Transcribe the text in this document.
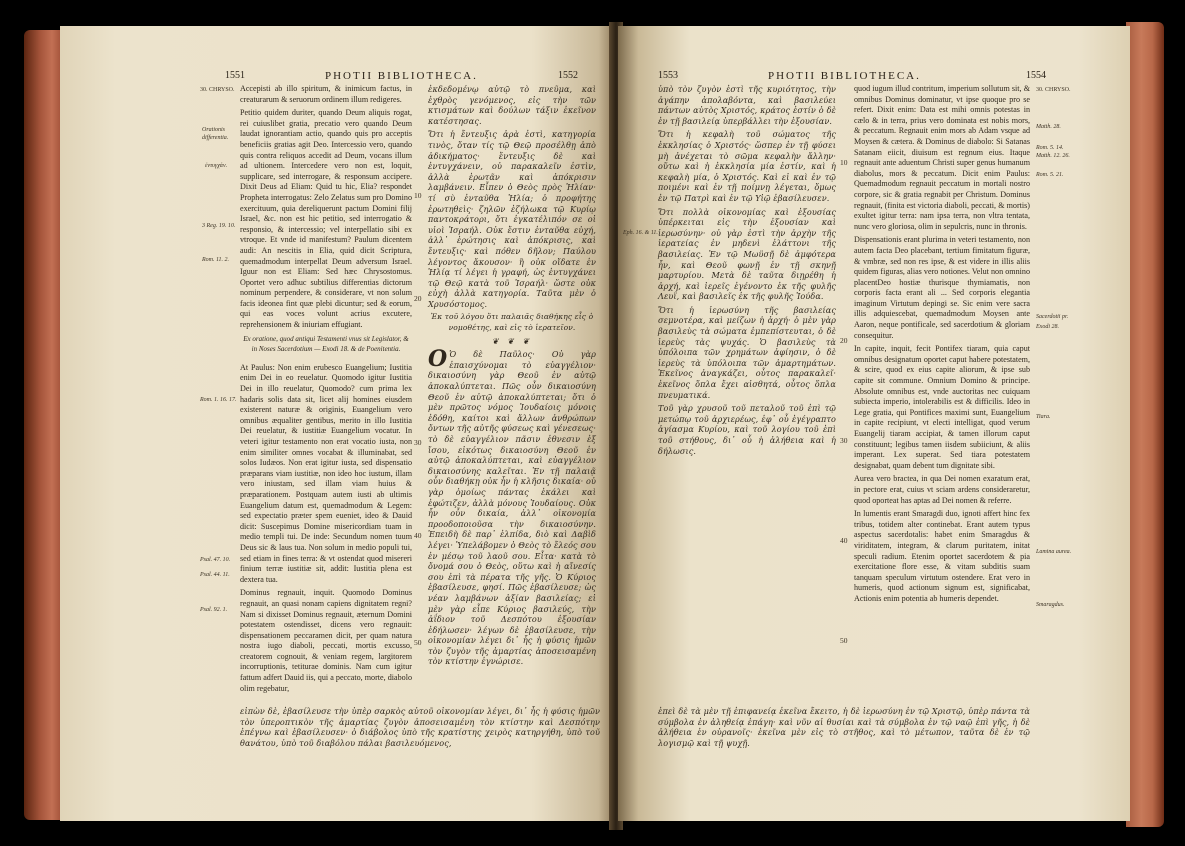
1551	PHOTII BIBLIOTHECA.	1552
30. CHRYSO.
Orationis differentia.
ἐντυγχάν.
3 Reg. 19. 10.
Rom. 11. 2.
Rom. 1. 16. 17.
Psal. 47. 10.
Psal. 44. 11.
Psal. 92. 1.

Accepisti ab illo spiritum, & inimicum factus, in creaturarum & seruorum ordinem illum redigeres.

Petitio quidem duriter, quando Deum aliquis rogat, rei cuiuslibet gratia, precatio vero quando Deum laudat ignorantiam actio, quando quis pro acceptis beneficiis gratias agit Deo. Intercessio vero, quando quis contra reliquos accedit ad Deum, vocans illum ad ultionem. Intercedere vero non est, loquit, supplicare, sed interrogare, & responsum accipere. Dixit Deus ad Eliam: Quid tu hic, Elia? respondet Propheta interrogatus: Zelo Zelatus sum pro Domino exercituum, quia dereliquerunt pactum Domini filij Israel, &c. non est hic petitio, sed interrogatio & responsio, & intercessio; vel interpellatio sibi ex vtroque. Et vnde id manifestum? Paulum dicentem audi: An nescitis in Elia, quid dicit Scriptura, quemadmodum interpellat Deum adversum Israel. Iguur non est Eliam: Sed hæc Chrysostomus. Oportet vero adhuc subtilius differentias dictorum nominum perpendere, & considerare, vt non solum facis ideonea fint quæ plebi dicuntur; sed & eorum, qui eas voces volunt acrius excutere, reprehensionem & iniuriam effugiant.

Ex oratione, quod antiqui Testamenti vnus sit Legislator, & in Noses Sacerdotium — Exodi 18. & de Poenitentia.

At Paulus: Non enim erubesco Euangelium; Iustitia enim Dei in eo reuelatur. Quomodo igitur Iustitia Dei in illo reuelatur, Quomodo? cum prima lex hadaris solis data sit, licet alij homines eiusdem existerent naturæ & originis, Euangelium vero omnibus æqualiter gentibus, merito in illo Iustitia Dei reuelatur, & iustitiæ Euangelium vocatur. In veteri igitur testamento non erat vocatio iusta, non enim similiter omnes vocabat & illuminabat, sed solos Iudæos. Non erat igitur iusta, sed dispensatio præparans viam iustitiæ, non ideo hoc iustum, illam vero iniustam, sed illam viam huius & præparationem. Postquam autem iusti ab ultimis Euangelium datum est, quemadmodum & Legem: sed expectatio præter spem eueniet, ideo & Dauid dicit: Suscepimus Domine misericordiam tuam in medio templi tui. De inde: Secundum nomen tuum Deus sic & laus tua. Non solum in medio populi tui, sed etiam in fines terra: & vt ostendat quod misereri finium terræ iustitiæ sit, addit: Iustitia plena est dextera tua.

Dominus regnauit, inquit. Quomodo Dominus regnauit, an quasi nonam capiens dignitatem regni? Nam si dixisset Dominus regnauit, æternum Domini potestatem ostendisset, dicens vero regnauit: dispensationem peccaramen dicit, per quam natura nostra iugo diaboli, peccati, mortis excusso, creatorem cognouit, & veniam regem, largitorem incorruptionis, tetiturae dominis. Nam cum igitur fattum adfert Dauid iis, qui a peccato, morte, diabolo olim regebatur,

10
20
30
40
50

ἐκδεδομένῳ αὐτῷ τὸ πνεῦμα, καὶ ἐχθρὸς γενόμενος, εἰς τὴν τῶν κτισμάτων καὶ δούλων τάξιν ἐκεῖνον κατέστησας.

Ὅτι ἡ ἔντευξις ἀρὰ ἐστὶ, κατηγορία τινὸς, ὅταν τίς τῷ Θεῷ προσέλθῃ ἀπὸ ἀδικήματος· ἔντευξις δὲ καὶ ἐντυγχάνειν, οὐ παρακαλεῖν ἐστὶν, ἀλλὰ ἐρωτᾶν καὶ ἀπόκρισιν λαμβάνειν. Εἶπεν ὁ Θεὸς πρὸς Ἠλίαν· τί σὺ ἐνταῦθα Ἠλία; ὁ προφήτης ἐρωτηθεὶς· ζηλῶν ἐζήλωκα τῷ Κυρίῳ παντοκράτορι, ὅτι ἐγκατέλιπόν σε οἱ υἱοὶ Ἰσραήλ. Οὐκ ἔστιν ἐνταῦθα εὐχή, ἀλλ᾽ ἐρώτησις καὶ ἀπόκρισις, καὶ ἔντευξις· καὶ πόθεν δῆλον; Παύλου λέγοντος ἄκουσον· ἢ οὐκ οἴδατε ἐν Ἠλίᾳ τί λέγει ἡ γραφή, ὡς ἐντυγχάνει τῷ Θεῷ κατὰ τοῦ Ἰσραήλ· ὥστε οὐκ εὐχὴ ἀλλὰ κατηγορία. Ταῦτα μὲν ὁ Χρυσόστομος.

Ἐκ τοῦ λόγου ὅτι παλαιᾶς διαθήκης εἷς ὁ νομοθέτης, καὶ εἰς τὸ ἱερατεῖον.

❦ ❦ ❦

Ο Ὁ δὲ Παῦλος· Οὐ γὰρ ἐπαισχύνομαι τὸ εὐαγγέλιον· δικαιοσύνη γὰρ Θεοῦ ἐν αὐτῷ ἀποκαλύπτεται. Πῶς οὖν δικαιοσύνη Θεοῦ ἐν αὐτῷ ἀποκαλύπτεται; ὅτι ὁ μὲν πρῶτος νόμος Ἰουδαίοις μόνοις ἐδόθη, καίτοι καὶ ἄλλων ἀνθρώπων ὄντων τῆς αὐτῆς φύσεως καὶ γένεσεως· τὸ δὲ εὐαγγέλιον πᾶσιν ἐθνεσιν ἐξ ἴσου, εἰκότως δικαιοσύνη Θεοῦ ἐν αὐτῷ ἀποκαλύπτεται, καὶ εὐαγγέλιον δικαιοσύνης καλεῖται. Ἐν τῇ παλαιᾷ οὖν διαθήκῃ οὐκ ἦν ἡ κλῆσις δικαία· οὐ γὰρ ὁμοίως πάντας ἐκάλει καὶ ἐφώτιζεν, ἀλλὰ μόνους Ἰουδαίους. Οὐκ ἦν οὖν δικαία, ἀλλ᾽ οἰκονομία προοδοποιοῦσα τὴν δικαιοσύνην. Ἐπειδὴ δὲ παρ᾽ ἐλπίδα, διὸ καὶ Δαβὶδ λέγει· Ὑπελάβομεν ὁ Θεὸς τὸ ἔλεός σου ἐν μέσῳ τοῦ λαοῦ σου. Εἶτα· κατὰ τὸ ὄνομά σου ὁ Θεὸς, οὕτω καὶ ἡ αἴνεσίς σου ἐπὶ τὰ πέρατα τῆς γῆς. Ὁ Κύριος ἐβασίλευσε, φησί. Πῶς ἐβασίλευσε; ὡς νέαν λαμβάνων ἀξίαν βασιλείας; εἰ μὲν γὰρ εἶπε Κύριος βασιλεύς, τὴν ἀΐδιον τοῦ Δεσπότου ἐξουσίαν ἐδήλωσεν· λέγων δὲ ἐβασίλευσε, τὴν οἰκονομίαν λέγει δι᾽ ἧς ἡ φύσις ἡμῶν τὸν ζυγὸν τῆς ἁμαρτίας ἀποσεισαμένη τὸν κτίστην ἐγνώρισε.

εἰπὼν δὲ, ἐβασίλευσε τὴν ὑπὲρ σαρκὸς αὐτοῦ οἰκονομίαν λέγει, δι᾽ ἧς ἡ φύσις ἡμῶν τὸν ὑπεροπτικὸν τῆς ἁμαρτίας ζυγὸν ἀποσεισαμένη τὸν κτίστην καὶ Δεσπότην ἐπέγνω καὶ ἐβασίλευσεν· ὁ διάβολος ὑπὸ τῆς κρατίστης χειρὸς κατηργήθη, ὑπὸ τοῦ θανάτου, ὑπὸ τοῦ διαβόλου πάλαι βασιλευόμενος,
1553	PHOTII BIBLIOTHECA.	1554

ὑπὸ τὸν ζυγὸν ἐστὶ τῆς κυριότητος, τὴν ἀγάπην ἀπολαβόντα, καὶ βασιλεύει πάντων αὐτὸς Χριστός, κράτος ἐστίν ὁ δὲ ἐν τῇ βασιλείᾳ ὑπερβάλλει τὴν ἐξουσίαν.

Ὅτι ἡ κεφαλὴ τοῦ σώματος τῆς ἐκκλησίας ὁ Χριστός· ὥσπερ ἐν τῇ φύσει μὴ ἀνέχεται τὸ σῶμα κεφαλὴν ἄλλην· οὕτω καὶ ἡ ἐκκλησία μία ἐστίν, καὶ ἡ κεφαλὴ μία, ὁ Χριστός. Καὶ εἰ καὶ ἐν τῷ ποιμένι καὶ ἐν τῇ ποίμνῃ λέγεται, ὅμως ἐν τῷ Πατρὶ καὶ ἐν τῷ Υἱῷ ἐβασίλευσεν.

Ὅτι πολλὰ οἰκονομίας καὶ ἐξουσίας ὑπέρκειται εἰς τὴν ἐξουσίαν καὶ ἱερωσύνην· οὐ γὰρ ἐστὶ τὴν ἀρχὴν τῆς ἱερατείας ἐν μηδενὶ ἐλάττονι τῆς βασιλείας. Ἐν τῷ Μωϋσῇ δὲ ἀμφότερα ἦν, καὶ Θεοῦ φωνῇ ἐν τῇ σκηνῇ μαρτυρίου. Μετὰ δὲ ταῦτα διῃρέθη ἡ ἀρχή, καὶ ἱερεῖς ἐγένοντο ἐκ τῆς φυλῆς Λευΐ, καὶ βασιλεῖς ἐκ τῆς φυλῆς Ἰούδα.

Ὅτι ἡ ἱερωσύνη τῆς βασιλείας σεμνοτέρα, καὶ μείζων ἡ ἀρχή· ὁ μὲν γὰρ βασιλεὺς τὰ σώματα ἐμπεπίστευται, ὁ δὲ ἱερεὺς τὰς ψυχάς. Ὁ βασιλεὺς τὰ ὑπόλοιπα τῶν χρημάτων ἀφίησιν, ὁ δὲ ἱερεὺς τὰ ὑπόλοιπα τῶν ἁμαρτημάτων. Ἐκεῖνος ἀναγκάζει, οὗτος παρακαλεῖ· ἐκεῖνος ὅπλα ἔχει αἰσθητά, οὗτος ὅπλα πνευματικά.

Τοῦ γὰρ χρυσοῦ τοῦ πεταλοῦ τοῦ ἐπὶ τῷ μετώπῳ τοῦ ἀρχιερέως, ἐφ᾽ οὗ ἐγέγραπτο ἁγίασμα Κυρίου, καὶ τοῦ λογίου τοῦ ἐπὶ τοῦ στήθους, δι᾽ οὗ ἡ ἀλήθεια καὶ ἡ δήλωσις.

10
20
30
40
50

quod iugum illud contritum, imperium sollutum sit, & omnibus Dominus dominatur, vt ipse quoque pro se refert. Dixit enim: Data est mihi omnis potestas in cælo & in terra, prius vero dominata est nobis mors, & peccatum. Regnauit enim mors ab Adam vsque ad Moysen & cætera. & Dominus de diabolo: Si Satanas Satanam eiicit, diuisum est regnum eius. Itaque regnauit ante aduentum Christi super genus humanum diabolus, mors & peccatum. Dicit enim Paulus: Quemadmodum regnauit peccatum in mortali nostro corpore, sic & gratia regnabit per Christum. Dominus regnauit, (finita est victoria diaboli, peccati, & mortis) exultet igitur terra: nam ipsa terra, non vltra tentata, nunc vero gloriosa, olim in sepulcris, nunc in thronis.

Dispensationis erant plurima in veteri testamento, non autem facta Deo placebant, tertium fimitatum figuræ, & vmbræ, sed non res ipse, & est videre in illis aliis quidem figuras, alias vero notiones. Velut non omnino placentDeo hostiæ thurisque thymiamatis, non corporis facta erant ali ... Sed corporis elegantia imaginum Virtutum depingi se. Sic enim vere sacra illis adquiescebat, quemadmodum Moysen ante Aaron, neque pontificale, sed sacerdotium & gloriam consequitur.

In capite, inquit, fecit Pontifex tiaram, quia caput omnibus designatum oportet caput habere potestatem, & scire, quod ex eius capite aliorum, & ipse sub capite sit commune. Omnium Domino & principe. Absolute omnibus est, vnde auctoritas nec cuiquam subiecta imperio, intolerabilis est & difficilis. Ideo in Lege gratia, qui Pontifices maximi sunt, Euangelium in capite recipiunt, vt electi intelligat, quod verum Euangelij tiaram accipiat, & tamen illorum caput constituunt; legibus tamen iisdem subiiciunt, & aliis imperant. Lex superat. Sed tiara potestatem designabat, quam debent tum dignitate sibi.

Aurea vero bractea, in qua Dei nomen exaratum erat, in pectore erat, cuius vt sciam ardens consideraretur, quod oporteat has aptas ad Dei nomen & referre.

In lumentis erant Smaragdi duo, ignoti affert hinc fex tribus, totidem alter continebat. Erant autem typus aspectus sacerdotalis: habet enim Smaragdus & viriditatem, integram, & clarum puritatem, initat speculi radium. Etenim oportet sacerdotem & pia exercitatione flore esse, & vitam subditis suam tanquam speculum virtutum ostendere. Erat vero in humeris, quod actionum signum est, significabat, Actionis enim potentia ab humeris dependet.

30. CHRYSO.
Eph. 16. & 11.
Matth. 28.
Rom. 5. 14.
Matth. 12. 26.
Rom. 5. 21.
Sacerdotii pr.
Exodi 28.
Tiara.
Lamina aurea.
Smaragdus.
ἐπεὶ δὲ τὰ μὲν τῇ ἐπιφανείᾳ ἐκεῖνα ἔκειτο, ἡ δὲ ἱερωσύνη ἐν τῷ Χριστῷ, ὑπὲρ πάντα τὰ σύμβολα ἐν ἀληθείᾳ ἐπάγη· καὶ νῦν αἱ θυσίαι καὶ τὰ σύμβολα ἐν τῷ ναῷ ἐπὶ γῆς, ἡ δὲ ἀλήθεια ἐν οὐρανοῖς· ἐκεῖνα μὲν εἰς τὸ στῆθος, καὶ τὸ μέτωπον, ταῦτα δὲ ἐν τῷ λογισμῷ καὶ τῇ ψυχῇ.
